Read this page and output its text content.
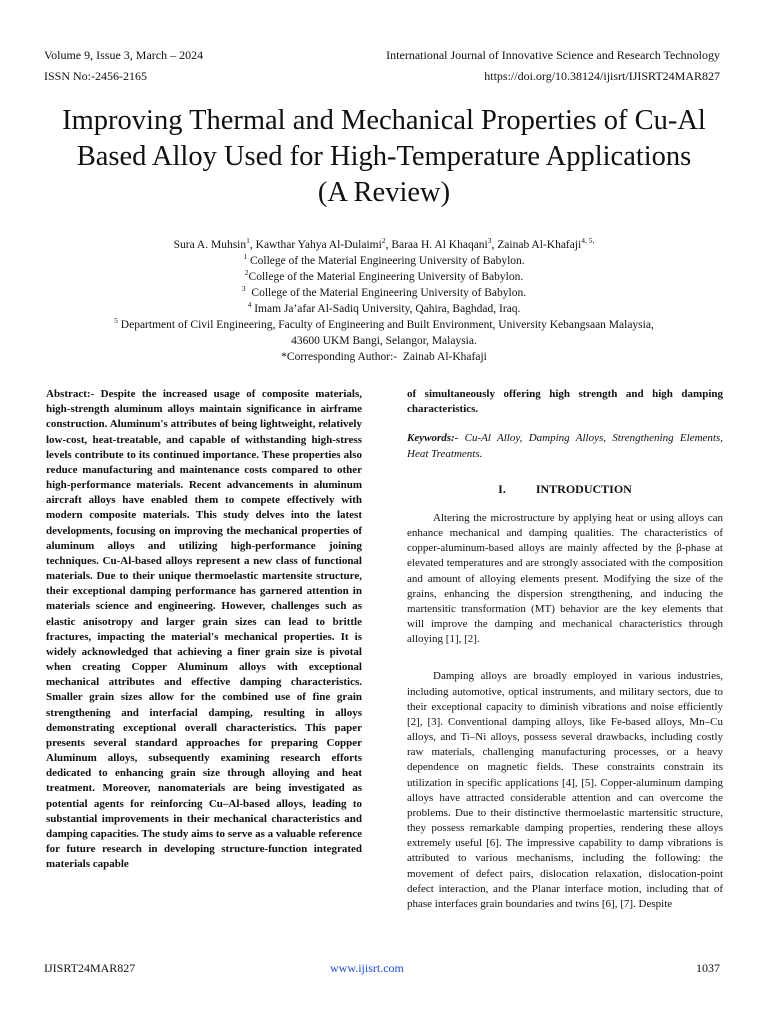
Volume 9, Issue 3, March – 2024	International Journal of Innovative Science and Research Technology
ISSN No:-2456-2165	https://doi.org/10.38124/ijisrt/IJISRT24MAR827
Improving Thermal and Mechanical Properties of Cu-Al
Based Alloy Used for High-Temperature Applications
(A Review)
Sura A. Muhsin$^1$, Kawthar Yahya Al-Dulaimi$^2$, Baraa H. Al Khaqani$^3$, Zainab Al-Khafaji$^{4, 5,}$
$^1$ College of the Material Engineering University of Babylon.
$^2$College of the Material Engineering University of Babylon.
$^3$  College of the Material Engineering University of Babylon.
$^4$ Imam Ja’afar Al-Sadiq University, Qahira, Baghdad, Iraq.
$^5$ Department of Civil Engineering, Faculty of Engineering and Built Environment, University Kebangsaan Malaysia,
43600 UKM Bangi, Selangor, Malaysia.
*Corresponding Author:-  Zainab Al-Khafaji

Abstract:- Despite the increased usage of composite materials, high-strength aluminum alloys maintain significance in airframe construction. Aluminum's attributes of being lightweight, relatively low-cost, heat-treatable, and capable of withstanding high-stress levels contribute to its continued importance. These properties also reduce manufacturing and maintenance costs compared to other high-performance materials. Recent advancements in aluminum aircraft alloys have enabled them to compete effectively with modern composite materials. This study delves into the latest developments, focusing on improving the mechanical properties of aluminum alloys and utilizing high-performance joining techniques. Cu-Al-based alloys represent a new class of functional materials. Due to their unique thermoelastic martensite structure, their exceptional damping performance has garnered attention in materials science and engineering. However, challenges such as elastic anisotropy and larger grain sizes can lead to brittle fractures, impacting the material's mechanical properties. It is widely acknowledged that achieving a finer grain size is pivotal when creating Copper Aluminum alloys with exceptional mechanical attributes and effective damping characteristics. Smaller grain sizes allow for the combined use of fine grain strengthening and interfacial damping, resulting in alloys demonstrating exceptional overall characteristics. This paper presents several standard approaches for preparing Copper Aluminum alloys, subsequently examining research efforts dedicated to enhancing grain size through alloying and heat treatment. Moreover, nanomaterials are being investigated as potential agents for reinforcing Cu–Al-based alloys, leading to substantial improvements in their mechanical characteristics and damping capacities. The study aims to serve as a valuable reference for future research in developing structure-function integrated materials capable

of simultaneously offering high strength and high damping characteristics.

Keywords:- Cu-Al Alloy, Damping Alloys, Strengthening Elements, Heat Treatments.

I.	INTRODUCTION

Altering the microstructure by applying heat or using alloys can enhance mechanical and damping qualities. The characteristics of copper-aluminum-based alloys are mainly affected by the β-phase at elevated temperatures and are strongly associated with the composition and amount of alloying elements present. Modifying the size of the grains, enhancing the dispersion strengthening, and inducing the martensitic transformation (MT) behavior are the key elements that will improve the damping and mechanical characteristics through alloying [1], [2].

Damping alloys are broadly employed in various industries, including automotive, optical instruments, and military sectors, due to their exceptional capacity to diminish vibrations and noise efficiently [2], [3]. Conventional damping alloys, like Fe-based alloys, Mn–Cu alloys, and Ti–Ni alloys, possess several drawbacks, including costly raw materials, challenging manufacturing processes, or a heavy dependence on magnetic fields. These constraints constrain its utilization in specific applications [4], [5]. Copper-aluminum damping alloys have attracted considerable attention and can overcome the problems. Due to their distinctive thermoelastic martensitic structure, they possess remarkable damping properties, rendering these alloys extremely useful [6]. The impressive capability to damp vibrations is attributed to various mechanisms, including the following: the movement of defect pairs, dislocation relaxation, dislocation-point defect interaction, and the Planar interface motion, including that of phase interfaces grain boundaries and twins [6], [7]. Despite

IJISRT24MAR827	www.ijisrt.com	1037
